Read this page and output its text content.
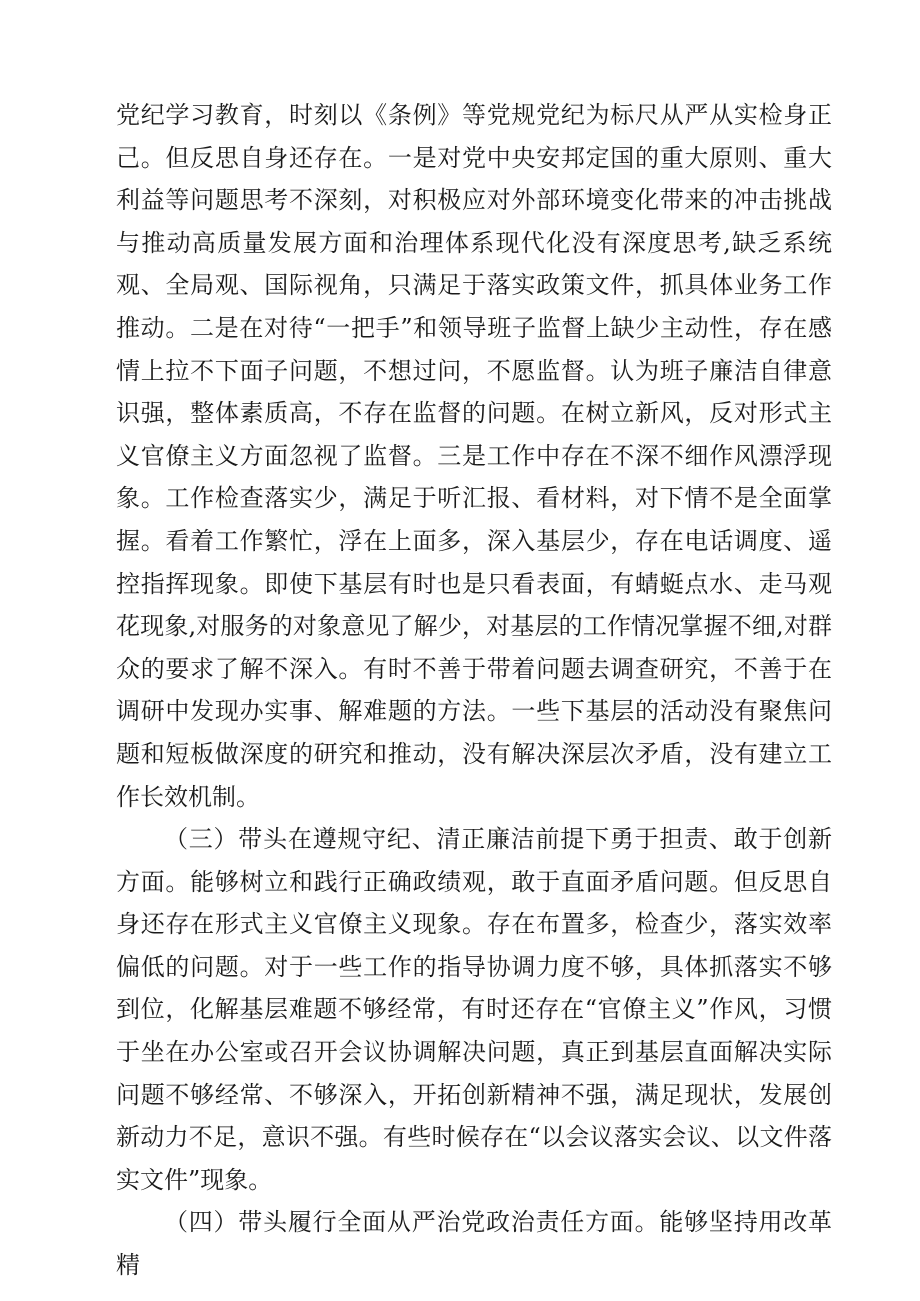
党纪学习教育，时刻以《条例》等党规党纪为标尺从严从实检身正己。但反思自身还存在。一是对党中央安邦定国的重大原则、重大利益等问题思考不深刻，对积极应对外部环境变化带来的冲击挑战与推动高质量发展方面和治理体系现代化没有深度思考,缺乏系统观、全局观、国际视角，只满足于落实政策文件，抓具体业务工作推动。二是在对待“一把手”和领导班子监督上缺少主动性，存在感情上拉不下面子问题，不想过问，不愿监督。认为班子廉洁自律意识强，整体素质高，不存在监督的问题。在树立新风，反对形式主义官僚主义方面忽视了监督。三是工作中存在不深不细作风漂浮现象。工作检查落实少，满足于听汇报、看材料，对下情不是全面掌握。看着工作繁忙，浮在上面多，深入基层少，存在电话调度、遥控指挥现象。即使下基层有时也是只看表面，有蜻蜓点水、走马观花现象,对服务的对象意见了解少，对基层的工作情况掌握不细,对群众的要求了解不深入。有时不善于带着问题去调查研究，不善于在调研中发现办实事、解难题的方法。一些下基层的活动没有聚焦问题和短板做深度的研究和推动，没有解决深层次矛盾，没有建立工作长效机制。

（三）带头在遵规守纪、清正廉洁前提下勇于担责、敢于创新方面。能够树立和践行正确政绩观，敢于直面矛盾问题。但反思自身还存在形式主义官僚主义现象。存在布置多，检查少，落实效率偏低的问题。对于一些工作的指导协调力度不够，具体抓落实不够到位，化解基层难题不够经常，有时还存在“官僚主义”作风，习惯于坐在办公室或召开会议协调解决问题，真正到基层直面解决实际问题不够经常、不够深入，开拓创新精神不强，满足现状，发展创新动力不足，意识不强。有些时候存在“以会议落实会议、以文件落实文件”现象。

（四）带头履行全面从严治党政治责任方面。能够坚持用改革精
